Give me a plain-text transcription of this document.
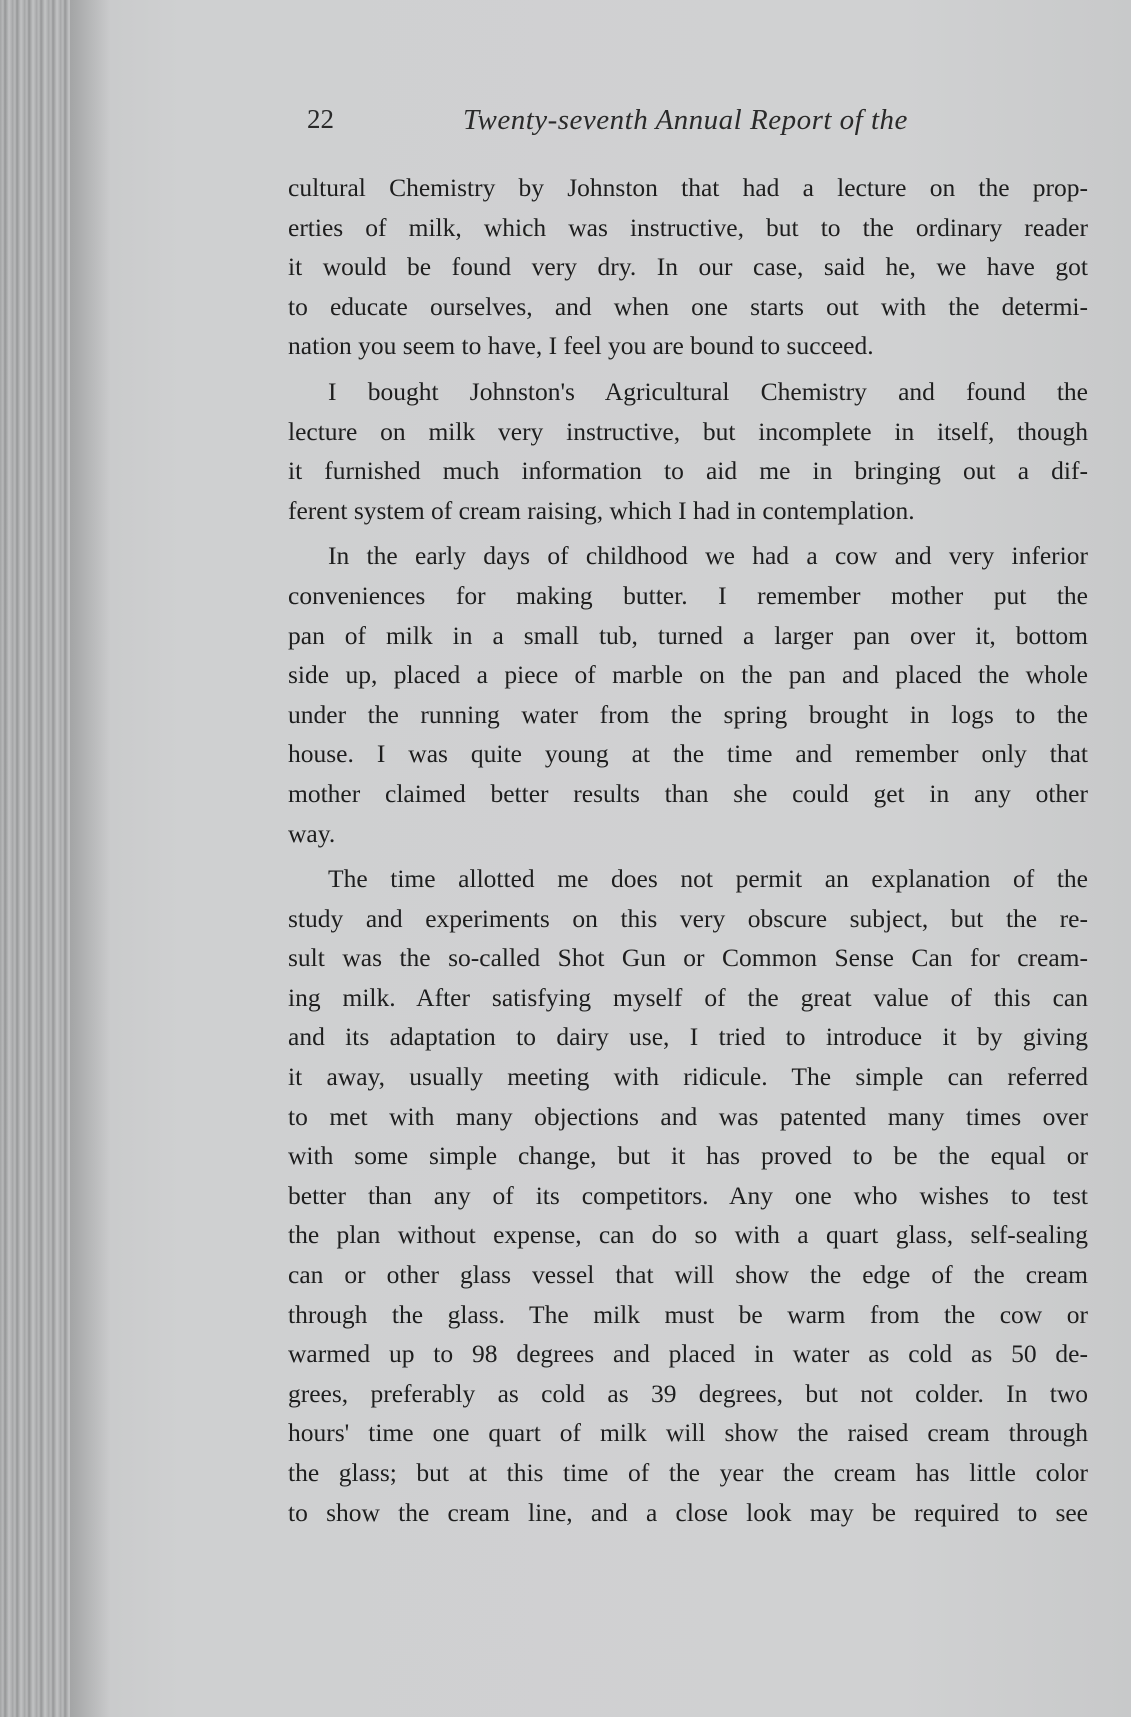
22	Twenty-seventh Annual Report of the

cultural Chemistry by Johnston that had a lecture on the prop-
erties of milk, which was instructive, but to the ordinary reader
it would be found very dry. In our case, said he, we have got
to educate ourselves, and when one starts out with the determi-
nation you seem to have, I feel you are bound to succeed.

I bought Johnston's Agricultural Chemistry and found the
lecture on milk very instructive, but incomplete in itself, though
it furnished much information to aid me in bringing out a dif-
ferent system of cream raising, which I had in contemplation.

In the early days of childhood we had a cow and very inferior
conveniences for making butter. I remember mother put the
pan of milk in a small tub, turned a larger pan over it, bottom
side up, placed a piece of marble on the pan and placed the whole
under the running water from the spring brought in logs to the
house. I was quite young at the time and remember only that
mother claimed better results than she could get in any other
way.

The time allotted me does not permit an explanation of the
study and experiments on this very obscure subject, but the re-
sult was the so-called Shot Gun or Common Sense Can for cream-
ing milk. After satisfying myself of the great value of this can
and its adaptation to dairy use, I tried to introduce it by giving
it away, usually meeting with ridicule. The simple can referred
to met with many objections and was patented many times over
with some simple change, but it has proved to be the equal or
better than any of its competitors. Any one who wishes to test
the plan without expense, can do so with a quart glass, self-sealing
can or other glass vessel that will show the edge of the cream
through the glass. The milk must be warm from the cow or
warmed up to 98 degrees and placed in water as cold as 50 de-
grees, preferably as cold as 39 degrees, but not colder. In two
hours' time one quart of milk will show the raised cream through
the glass; but at this time of the year the cream has little color
to show the cream line, and a close look may be required to see
